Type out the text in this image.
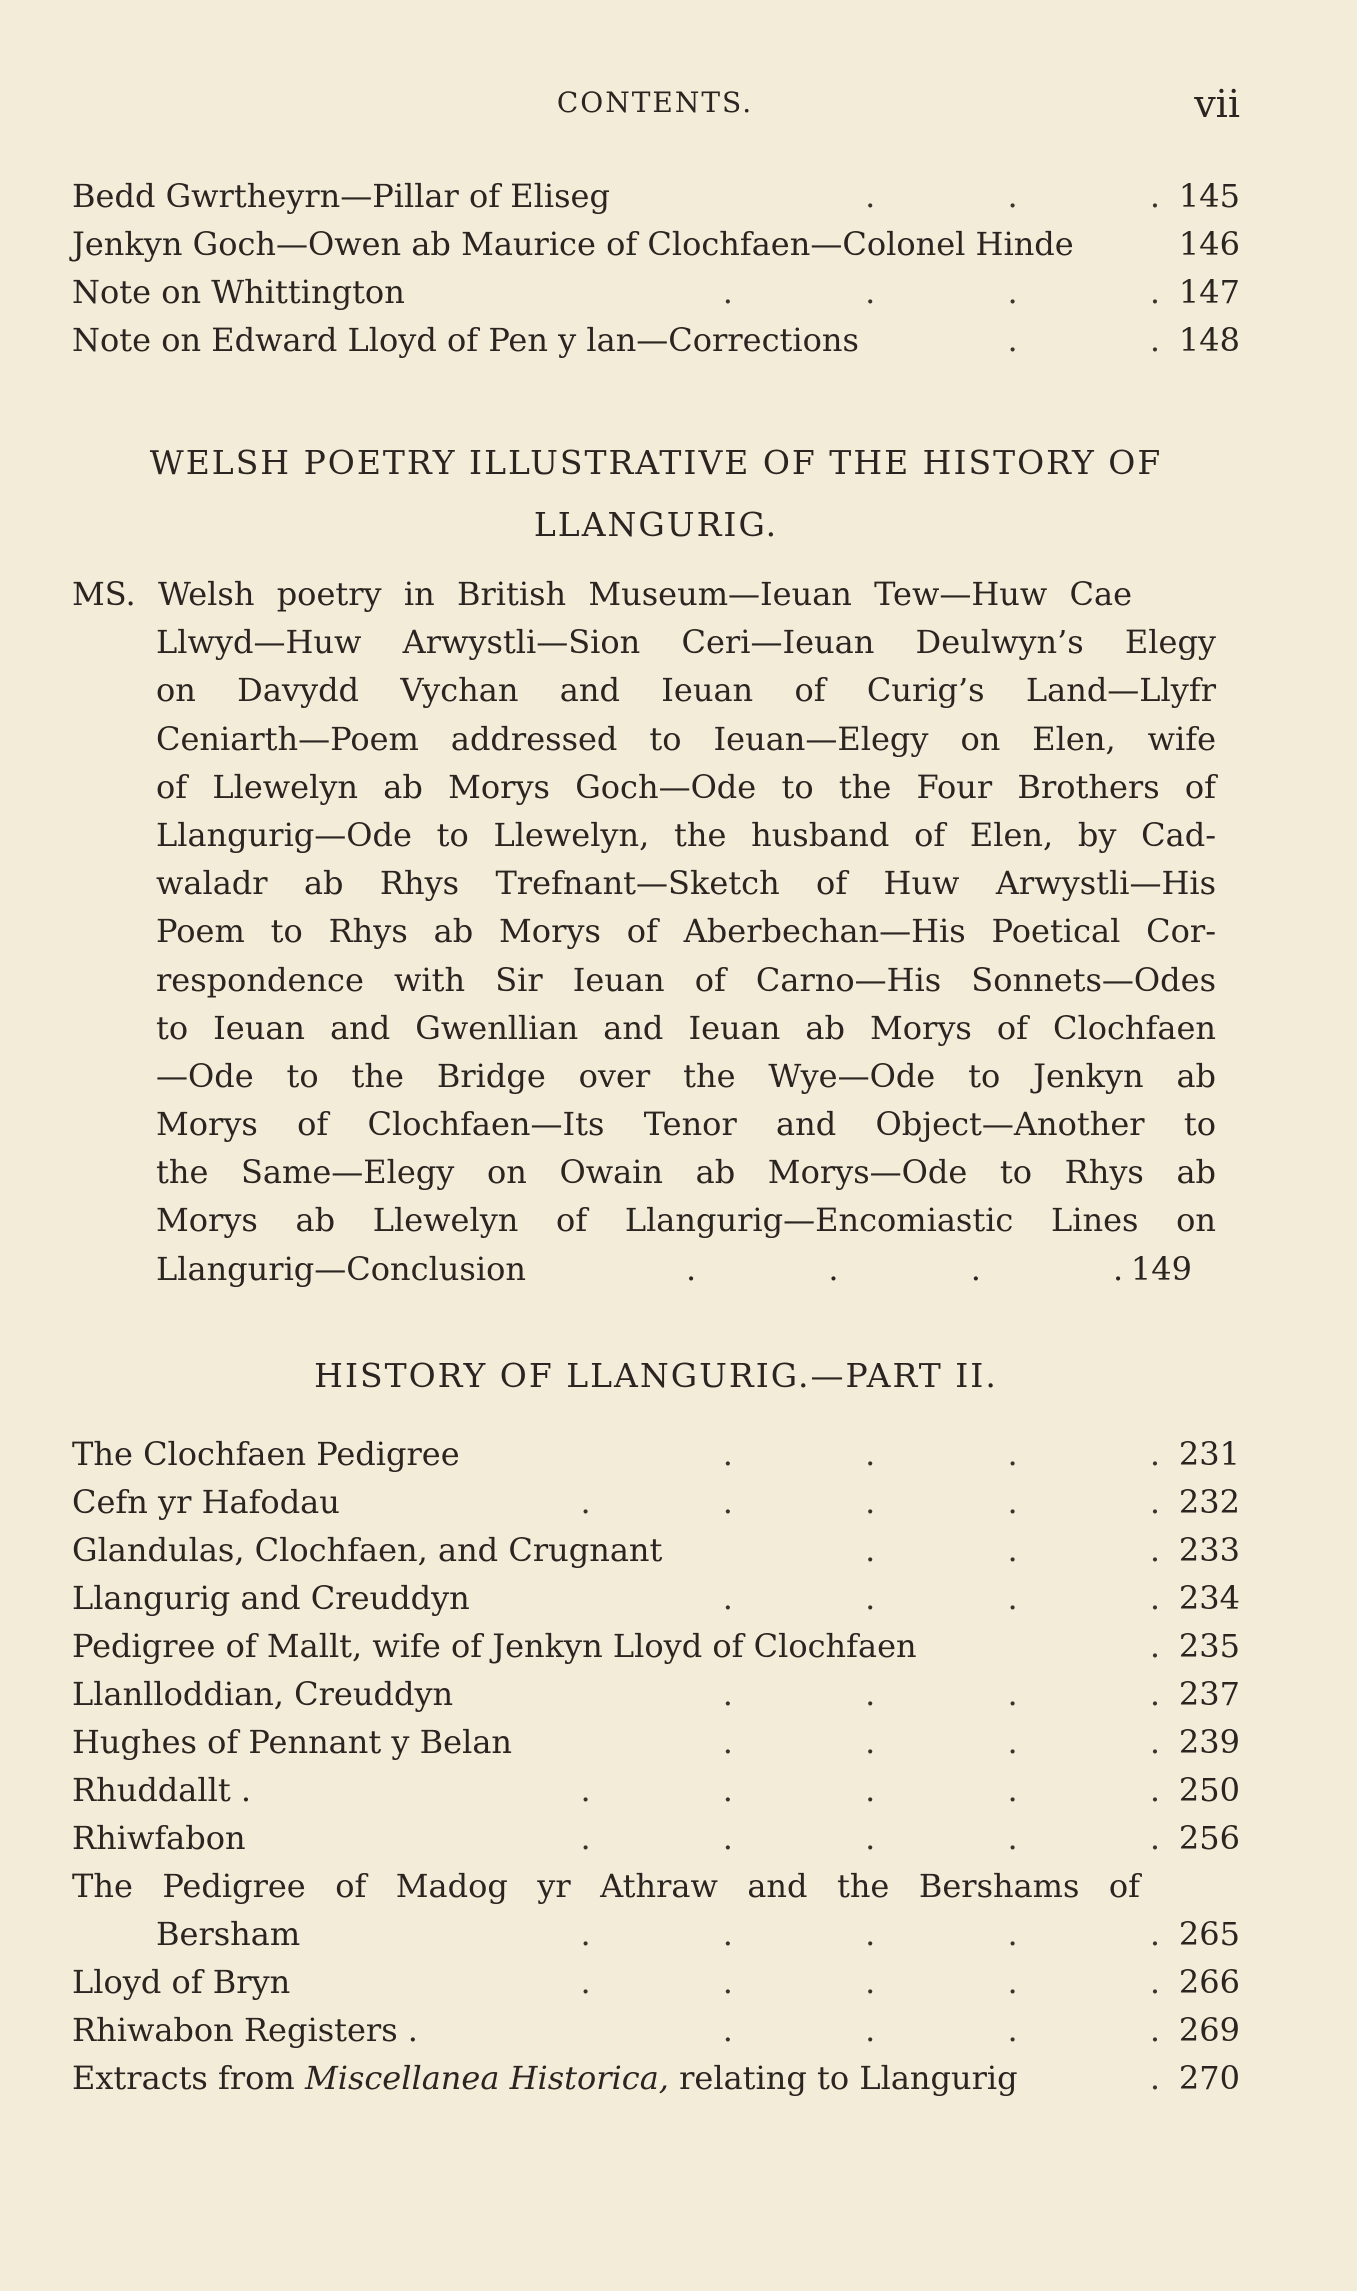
CONTENTS.	vii
Bedd Gwrtheyrn—Pillar of Eliseg	. . . 145
Jenkyn Goch—Owen ab Maurice of Clochfaen—Colonel Hinde	146
Note on Whittington	. . . . 147
Note on Edward Lloyd of Pen y lan—Corrections	. . 148
WELSH POETRY ILLUSTRATIVE OF THE HISTORY OF
LLANGURIG.
MS. Welsh poetry in British Museum—Ieuan Tew—Huw Cae
Llwyd—Huw Arwystli—Sion Ceri—Ieuan Deulwyn’s Elegy
on Davydd Vychan and Ieuan of Curig’s Land—Llyfr
Ceniarth—Poem addressed to Ieuan—Elegy on Elen, wife
of Llewelyn ab Morys Goch—Ode to the Four Brothers of
Llangurig—Ode to Llewelyn, the husband of Elen, by Cad-
waladr ab Rhys Trefnant—Sketch of Huw Arwystli—His
Poem to Rhys ab Morys of Aberbechan—His Poetical Cor-
respondence with Sir Ieuan of Carno—His Sonnets—Odes
to Ieuan and Gwenllian and Ieuan ab Morys of Clochfaen
—Ode to the Bridge over the Wye—Ode to Jenkyn ab
Morys of Clochfaen—Its Tenor and Object—Another to
the Same—Elegy on Owain ab Morys—Ode to Rhys ab
Morys ab Llewelyn of Llangurig—Encomiastic Lines on
Llangurig—Conclusion	. . . . 149
HISTORY OF LLANGURIG.—PART II.
The Clochfaen Pedigree	. . . . 231
Cefn yr Hafodau	. . . . . 232
Glandulas, Clochfaen, and Crugnant	. . . 233
Llangurig and Creuddyn	. . . . 234
Pedigree of Mallt, wife of Jenkyn Lloyd of Clochfaen	. 235
Llanlloddian, Creuddyn	. . . . 237
Hughes of Pennant y Belan	. . . . 239
Rhuddallt .	. . . . . 250
Rhiwfabon	. . . . . 256
The Pedigree of Madog yr Athraw and the Bershams of
Bersham	. . . . . 265
Lloyd of Bryn	. . . . . 266
Rhiwabon Registers .	. . . . 269
Extracts from Miscellanea Historica, relating to Llangurig	. 270
